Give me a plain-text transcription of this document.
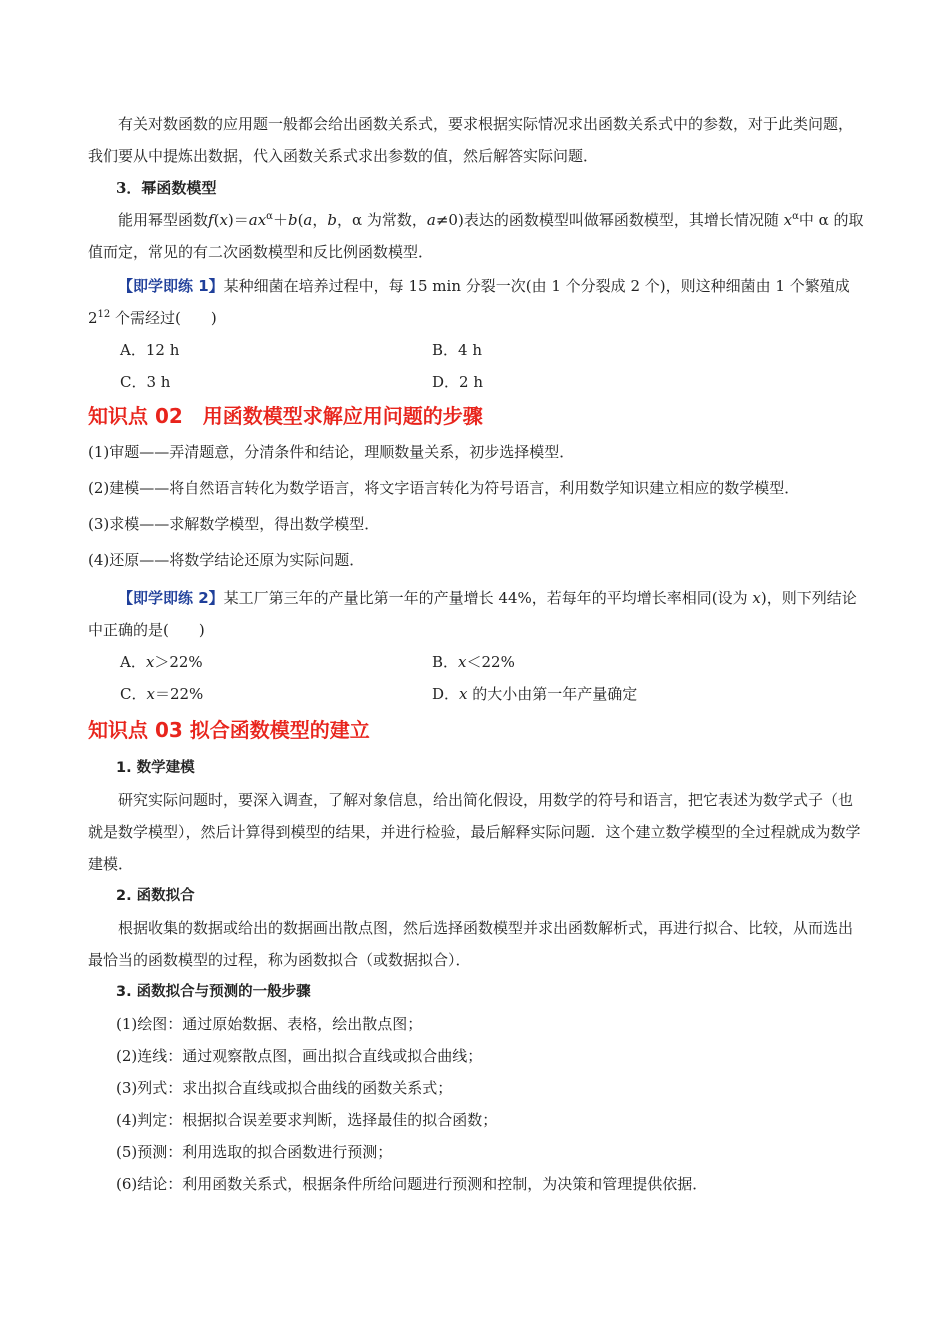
有关对数函数的应用题一般都会给出函数关系式，要求根据实际情况求出函数关系式中的参数，对于此类问题，我们要从中提炼出数据，代入函数关系式求出参数的值，然后解答实际问题．

3．幂函数模型

能用幂型函数$f(x)=ax^\alpha+b(a$，b，α 为常数，a≠0)表达的函数模型叫做幂函数模型，其增长情况随 $x^\alpha$中 α 的取值而定，常见的有二次函数模型和反比例函数模型．

【即学即练 1】某种细菌在培养过程中，每 15 min 分裂一次(由 1 个分裂成 2 个)，则这种细菌由 1 个繁殖成 $2^{12}$ 个需经过(　　)

A．12 h	B．4 h
C．3 h	D．2 h

知识点 02　用函数模型求解应用问题的步骤

(1)审题——弄清题意，分清条件和结论，理顺数量关系，初步选择模型．

(2)建模——将自然语言转化为数学语言，将文字语言转化为符号语言，利用数学知识建立相应的数学模型．

(3)求模——求解数学模型，得出数学模型．

(4)还原——将数学结论还原为实际问题．

【即学即练 2】某工厂第三年的产量比第一年的产量增长 44%，若每年的平均增长率相同(设为 x)，则下列结论中正确的是(　　)

A．x＞22%	B．x＜22%
C．x＝22%	D．x 的大小由第一年产量确定

知识点 03 拟合函数模型的建立

1. 数学建模

研究实际问题时，要深入调查，了解对象信息，给出简化假设，用数学的符号和语言，把它表述为数学式子（也就是数学模型），然后计算得到模型的结果，并进行检验，最后解释实际问题．这个建立数学模型的全过程就成为数学建模．

2. 函数拟合

根据收集的数据或给出的数据画出散点图，然后选择函数模型并求出函数解析式，再进行拟合、比较，从而选出最恰当的函数模型的过程，称为函数拟合（或数据拟合）．

3. 函数拟合与预测的一般步骤

(1)绘图：通过原始数据、表格，绘出散点图；

(2)连线：通过观察散点图，画出拟合直线或拟合曲线；

(3)列式：求出拟合直线或拟合曲线的函数关系式；

(4)判定：根据拟合误差要求判断，选择最佳的拟合函数；

(5)预测：利用选取的拟合函数进行预测；

(6)结论：利用函数关系式，根据条件所给问题进行预测和控制，为决策和管理提供依据．
